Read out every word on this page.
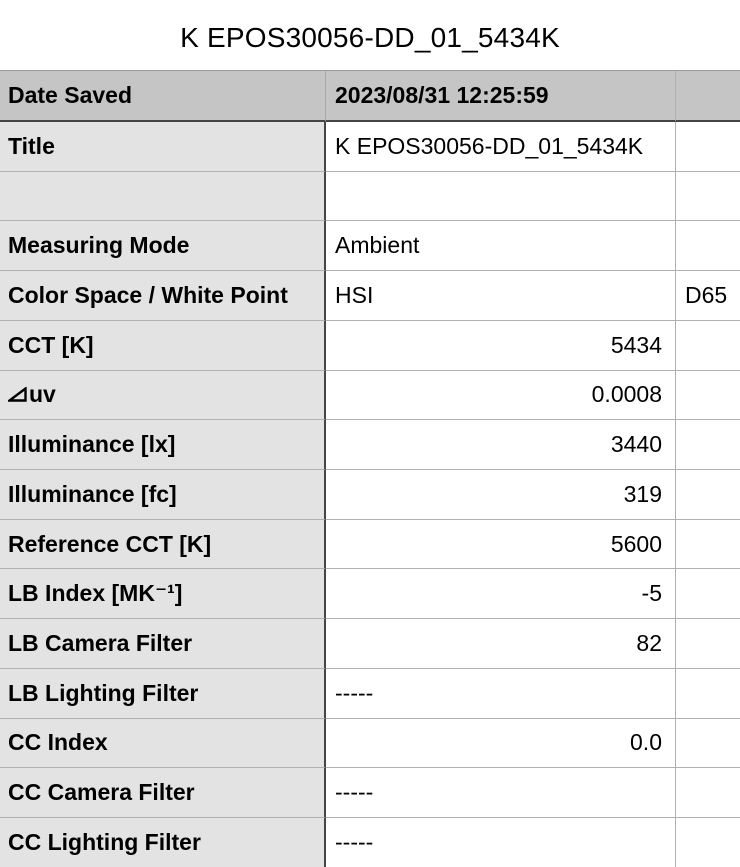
K EPOS30056-DD_01_5434K
Date Saved	2023/08/31 12:25:59
Title	K EPOS30056-DD_01_5434K
Measuring Mode	Ambient
Color Space / White Point	HSI	D65
CCT [K]	5434
uv	0.0008
Illuminance [lx]	3440
Illuminance [fc]	319
Reference CCT [K]	5600
LB Index [MK⁻¹]	-5
LB Camera Filter	82
LB Lighting Filter	-----
CC Index	0.0
CC Camera Filter	-----
CC Lighting Filter	-----
